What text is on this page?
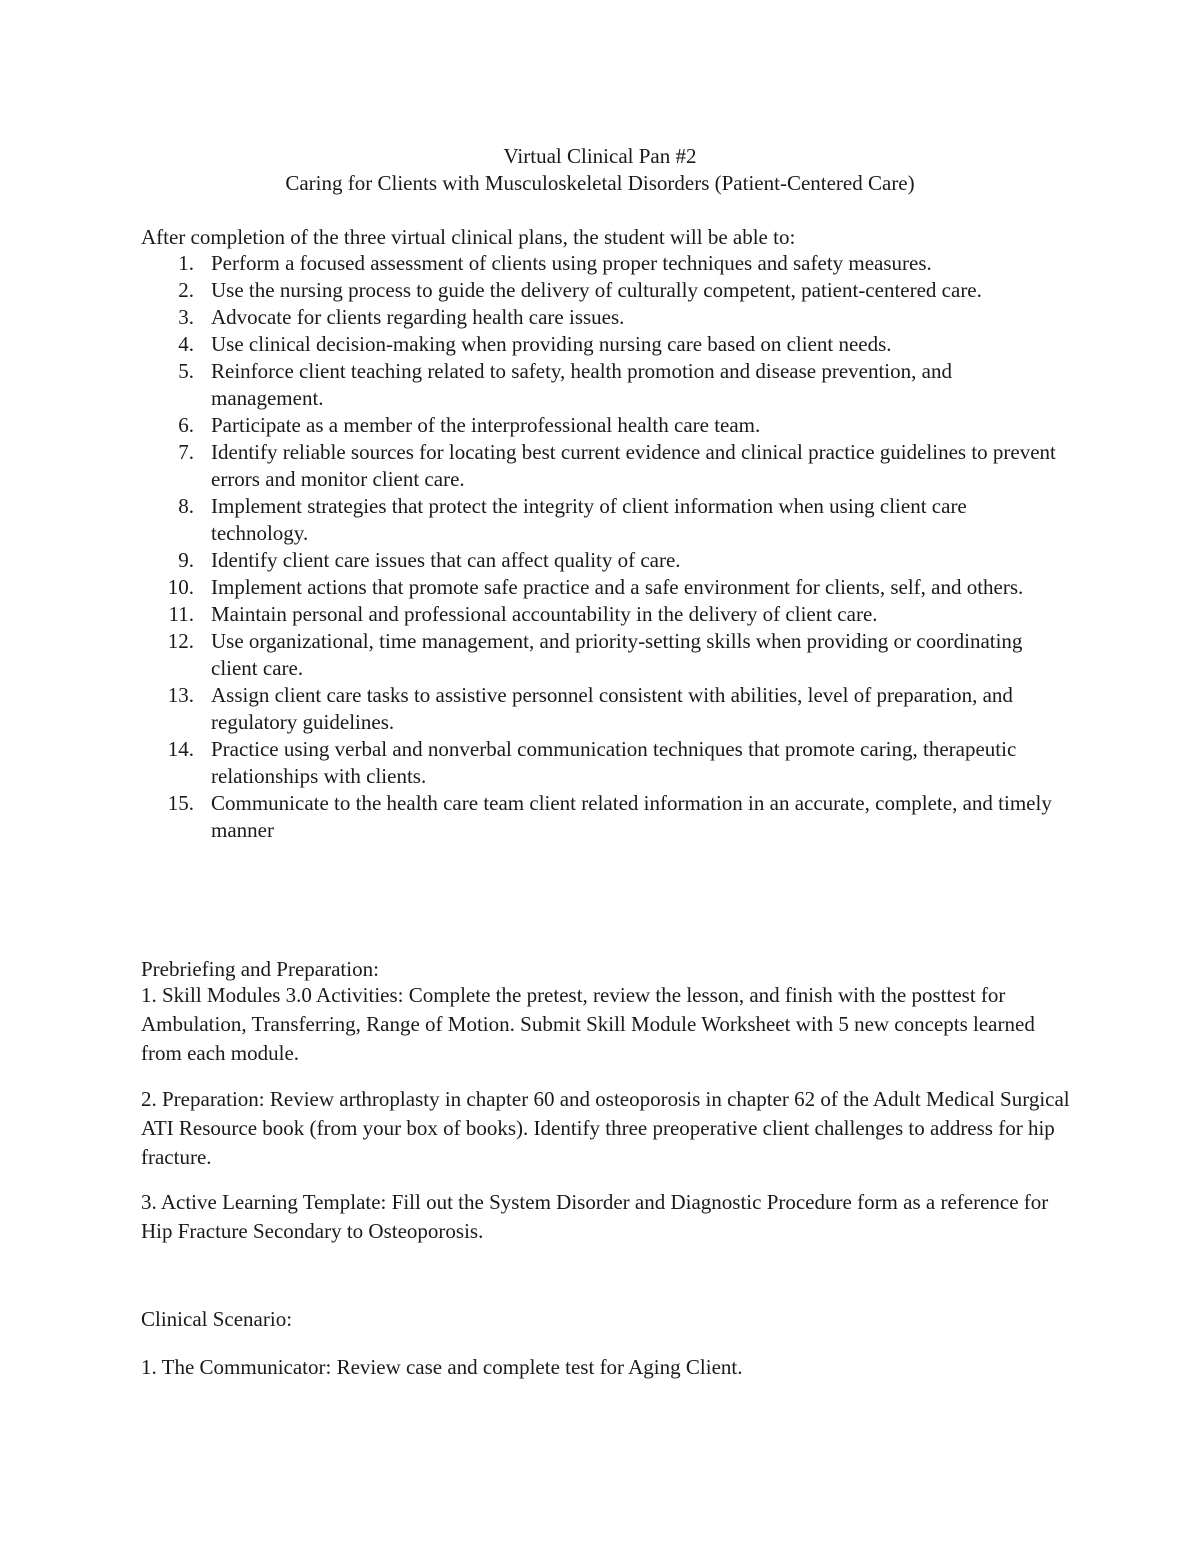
Virtual Clinical Pan #2
Caring for Clients with Musculoskeletal Disorders (Patient-Centered Care)
After completion of the three virtual clinical plans, the student will be able to:
1. Perform a focused assessment of clients using proper techniques and safety measures.
2. Use the nursing process to guide the delivery of culturally competent, patient-centered care.
3. Advocate for clients regarding health care issues.
4. Use clinical decision-making when providing nursing care based on client needs.
5. Reinforce client teaching related to safety, health promotion and disease prevention, and management.
6. Participate as a member of the interprofessional health care team.
7. Identify reliable sources for locating best current evidence and clinical practice guidelines to prevent errors and monitor client care.
8. Implement strategies that protect the integrity of client information when using client care technology.
9. Identify client care issues that can affect quality of care.
10. Implement actions that promote safe practice and a safe environment for clients, self, and others.
11. Maintain personal and professional accountability in the delivery of client care.
12. Use organizational, time management, and priority-setting skills when providing or coordinating client care.
13. Assign client care tasks to assistive personnel consistent with abilities, level of preparation, and regulatory guidelines.
14. Practice using verbal and nonverbal communication techniques that promote caring, therapeutic relationships with clients.
15. Communicate to the health care team client related information in an accurate, complete, and timely manner
Prebriefing and Preparation:
1. Skill Modules 3.0 Activities: Complete the pretest, review the lesson, and finish with the posttest for Ambulation, Transferring, Range of Motion. Submit Skill Module Worksheet with 5 new concepts learned from each module.
2. Preparation: Review arthroplasty in chapter 60 and osteoporosis in chapter 62 of the Adult Medical Surgical ATI Resource book (from your box of books). Identify three preoperative client challenges to address for hip fracture.
3. Active Learning Template: Fill out the System Disorder and Diagnostic Procedure form as a reference for Hip Fracture Secondary to Osteoporosis.
Clinical Scenario:
1. The Communicator: Review case and complete test for Aging Client.
